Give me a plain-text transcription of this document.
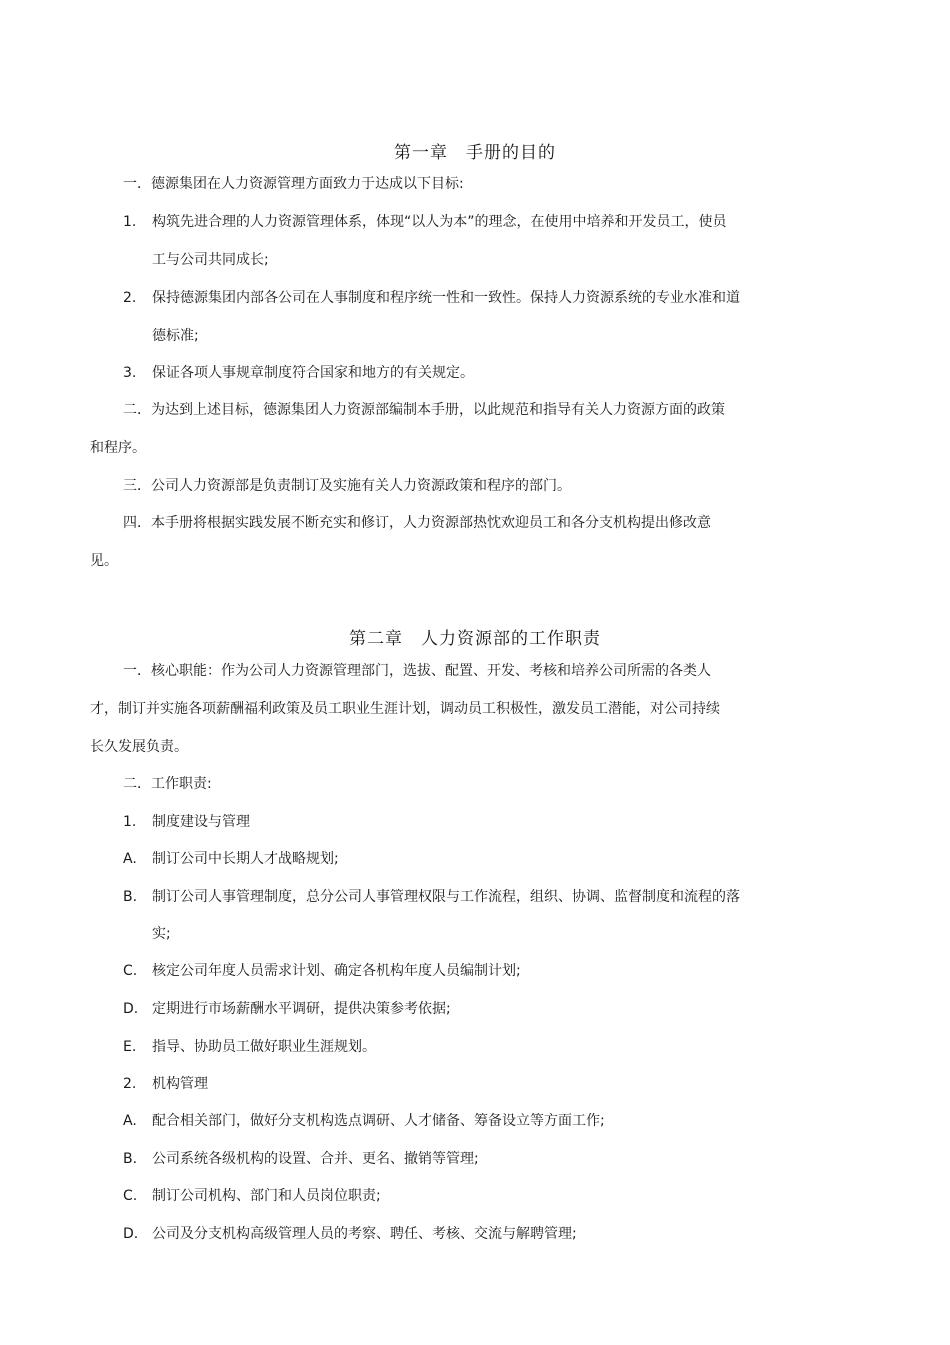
第一章　手册的目的
一．德源集团在人力资源管理方面致力于达成以下目标:
1. 构筑先进合理的人力资源管理体系，体现“以人为本”的理念，在使用中培养和开发员工，使员
工与公司共同成长;
2. 保持德源集团内部各公司在人事制度和程序统一性和一致性。保持人力资源系统的专业水准和道
德标准;
3. 保证各项人事规章制度符合国家和地方的有关规定。
二．为达到上述目标，德源集团人力资源部编制本手册，以此规范和指导有关人力资源方面的政策
和程序。
三．公司人力资源部是负责制订及实施有关人力资源政策和程序的部门。
四．本手册将根据实践发展不断充实和修订，人力资源部热忱欢迎员工和各分支机构提出修改意
见。
第二章　人力资源部的工作职责
一．核心职能：作为公司人力资源管理部门，选拔、配置、开发、考核和培养公司所需的各类人
才，制订并实施各项薪酬福利政策及员工职业生涯计划，调动员工积极性，激发员工潜能，对公司持续
长久发展负责。
二．工作职责:
1. 制度建设与管理
A. 制订公司中长期人才战略规划;
B. 制订公司人事管理制度，总分公司人事管理权限与工作流程，组织、协调、监督制度和流程的落
实;
C. 核定公司年度人员需求计划、确定各机构年度人员编制计划;
D. 定期进行市场薪酬水平调研，提供决策参考依据;
E. 指导、协助员工做好职业生涯规划。
2. 机构管理
A. 配合相关部门，做好分支机构选点调研、人才储备、筹备设立等方面工作;
B. 公司系统各级机构的设置、合并、更名、撤销等管理;
C. 制订公司机构、部门和人员岗位职责;
D. 公司及分支机构高级管理人员的考察、聘任、考核、交流与解聘管理;
